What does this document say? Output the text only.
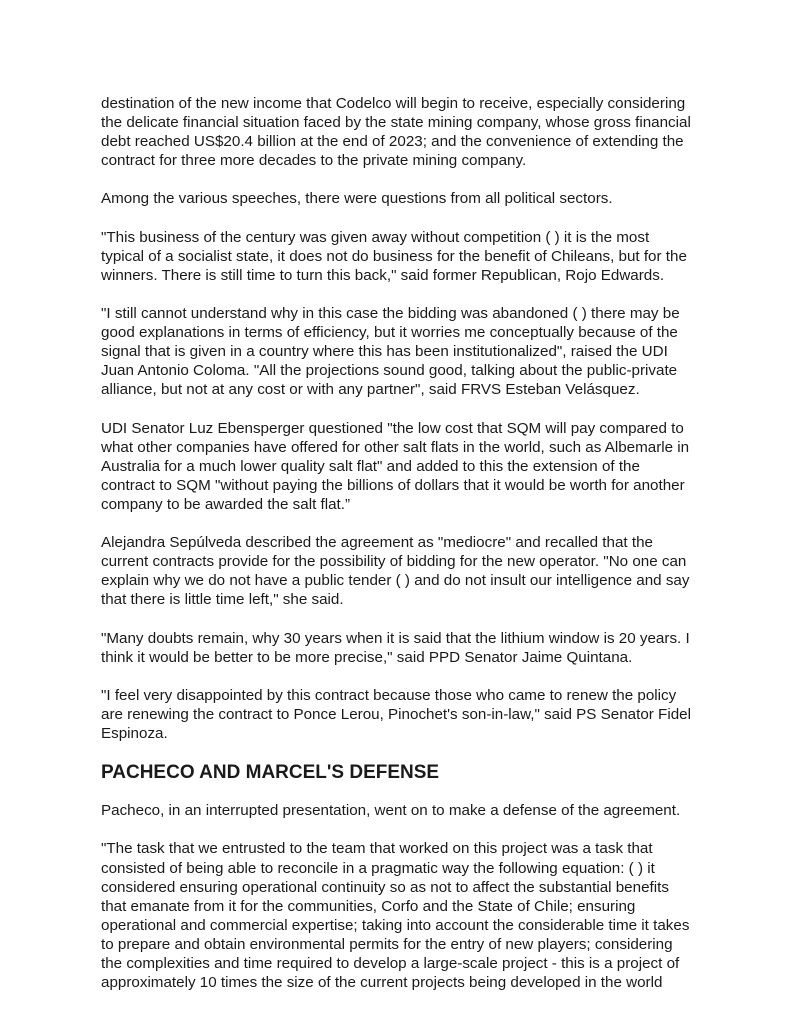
destination of the new income that Codelco will begin to receive, especially considering
the delicate financial situation faced by the state mining company, whose gross financial
debt reached US$20.4 billion at the end of 2023; and the convenience of extending the
contract for three more decades to the private mining company.

Among the various speeches, there were questions from all political sectors.

"This business of the century was given away without competition ( ) it is the most
typical of a socialist state, it does not do business for the benefit of Chileans, but for the
winners. There is still time to turn this back," said former Republican, Rojo Edwards.

"I still cannot understand why in this case the bidding was abandoned ( ) there may be
good explanations in terms of efficiency, but it worries me conceptually because of the
signal that is given in a country where this has been institutionalized", raised the UDI
Juan Antonio Coloma. "All the projections sound good, talking about the public-private
alliance, but not at any cost or with any partner", said FRVS Esteban Velásquez.

UDI Senator Luz Ebensperger questioned "the low cost that SQM will pay compared to
what other companies have offered for other salt flats in the world, such as Albemarle in
Australia for a much lower quality salt flat" and added to this the extension of the
contract to SQM "without paying the billions of dollars that it would be worth for another
company to be awarded the salt flat.”

Alejandra Sepúlveda described the agreement as "mediocre" and recalled that the
current contracts provide for the possibility of bidding for the new operator. "No one can
explain why we do not have a public tender ( ) and do not insult our intelligence and say
that there is little time left," she said.

"Many doubts remain, why 30 years when it is said that the lithium window is 20 years. I
think it would be better to be more precise," said PPD Senator Jaime Quintana.

"I feel very disappointed by this contract because those who came to renew the policy
are renewing the contract to Ponce Lerou, Pinochet's son-in-law," said PS Senator Fidel
Espinoza.

PACHECO AND MARCEL'S DEFENSE

Pacheco, in an interrupted presentation, went on to make a defense of the agreement.

"The task that we entrusted to the team that worked on this project was a task that
consisted of being able to reconcile in a pragmatic way the following equation: ( ) it
considered ensuring operational continuity so as not to affect the substantial benefits
that emanate from it for the communities, Corfo and the State of Chile; ensuring
operational and commercial expertise; taking into account the considerable time it takes
to prepare and obtain environmental permits for the entry of new players; considering
the complexities and time required to develop a large-scale project - this is a project of
approximately 10 times the size of the current projects being developed in the world
